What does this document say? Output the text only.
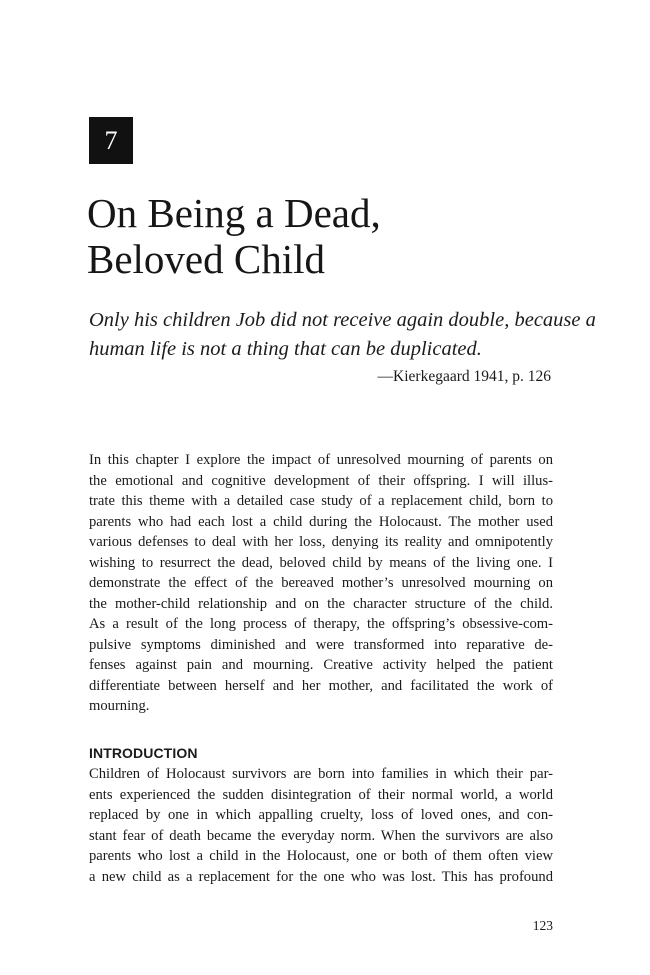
7
On Being a Dead,
Beloved Child
Only his children Job did not receive again double, because a
human life is not a thing that can be duplicated.
—Kierkegaard 1941, p. 126
In this chapter I explore the impact of unresolved mourning of parents on
the emotional and cognitive development of their offspring. I will illus-
trate this theme with a detailed case study of a replacement child, born to
parents who had each lost a child during the Holocaust. The mother used
various defenses to deal with her loss, denying its reality and omnipotently
wishing to resurrect the dead, beloved child by means of the living one. I
demonstrate the effect of the bereaved mother’s unresolved mourning on
the mother-child relationship and on the character structure of the child.
As a result of the long process of therapy, the offspring’s obsessive-com-
pulsive symptoms diminished and were transformed into reparative de-
fenses against pain and mourning. Creative activity helped the patient
differentiate between herself and her mother, and facilitated the work of
mourning.
INTRODUCTION
Children of Holocaust survivors are born into families in which their par-
ents experienced the sudden disintegration of their normal world, a world
replaced by one in which appalling cruelty, loss of loved ones, and con-
stant fear of death became the everyday norm. When the survivors are also
parents who lost a child in the Holocaust, one or both of them often view
a new child as a replacement for the one who was lost. This has profound
123
